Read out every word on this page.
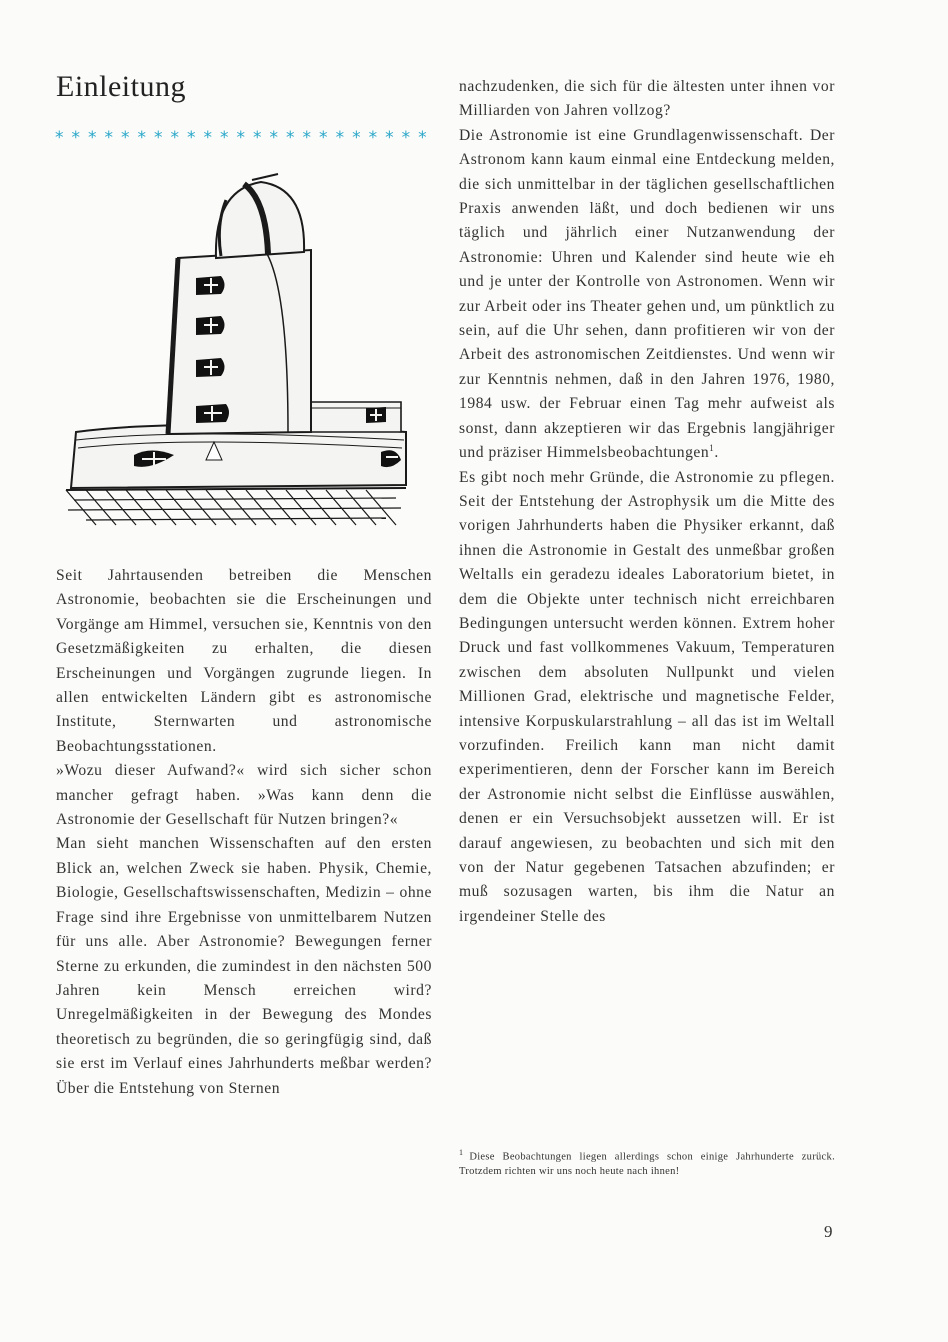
Einleitung
* * * * * * * * * * * * * * * * * * * * * * *

Seit Jahrtausenden betreiben die Menschen Astronomie, beobachten sie die Erscheinungen und Vorgänge am Himmel, versuchen sie, Kenntnis von den Gesetzmäßigkeiten zu erhalten, die diesen Erscheinungen und Vorgängen zugrunde liegen. In allen entwickelten Ländern gibt es astronomische Institute, Sternwarten und astronomische Beobachtungsstationen.

»Wozu dieser Aufwand?« wird sich sicher schon mancher gefragt haben. »Was kann denn die Astronomie der Gesellschaft für Nutzen bringen?«

Man sieht manchen Wissenschaften auf den ersten Blick an, welchen Zweck sie haben. Physik, Chemie, Biologie, Gesellschaftswissenschaften, Medizin – ohne Frage sind ihre Ergebnisse von unmittelbarem Nutzen für uns alle. Aber Astronomie? Bewegungen ferner Sterne zu erkunden, die zumindest in den nächsten 500 Jahren kein Mensch erreichen wird? Unregelmäßigkeiten in der Bewegung des Mondes theoretisch zu begründen, die so geringfügig sind, daß sie erst im Verlauf eines Jahrhunderts meßbar werden? Über die Entstehung von Sternen

nachzudenken, die sich für die ältesten unter ihnen vor Milliarden von Jahren vollzog?

Die Astronomie ist eine Grundlagenwissenschaft. Der Astronom kann kaum einmal eine Entdeckung melden, die sich unmittelbar in der täglichen gesellschaftlichen Praxis anwenden läßt, und doch bedienen wir uns täglich und jährlich einer Nutzanwendung der Astronomie: Uhren und Kalender sind heute wie eh und je unter der Kontrolle von Astronomen. Wenn wir zur Arbeit oder ins Theater gehen und, um pünktlich zu sein, auf die Uhr sehen, dann profitieren wir von der Arbeit des astronomischen Zeitdienstes. Und wenn wir zur Kenntnis nehmen, daß in den Jahren 1976, 1980, 1984 usw. der Februar einen Tag mehr aufweist als sonst, dann akzeptieren wir das Ergebnis langjähriger und präziser Himmelsbeobachtungen$^1$.

Es gibt noch mehr Gründe, die Astronomie zu pflegen. Seit der Entstehung der Astrophysik um die Mitte des vorigen Jahrhunderts haben die Physiker erkannt, daß ihnen die Astronomie in Gestalt des unmeßbar großen Weltalls ein geradezu ideales Laboratorium bietet, in dem die Objekte unter technisch nicht erreichbaren Bedingungen untersucht werden können. Extrem hoher Druck und fast vollkommenes Vakuum, Temperaturen zwischen dem absoluten Nullpunkt und vielen Millionen Grad, elektrische und magnetische Felder, intensive Korpuskularstrahlung – all das ist im Weltall vorzufinden. Freilich kann man nicht damit experimentieren, denn der Forscher kann im Bereich der Astronomie nicht selbst die Einflüsse auswählen, denen er ein Versuchsobjekt aussetzen will. Er ist darauf angewiesen, zu beobachten und sich mit den von der Natur gegebenen Tatsachen abzufinden; er muß sozusagen warten, bis ihm die Natur an irgendeiner Stelle des

$^1$ Diese Beobachtungen liegen allerdings schon einige Jahrhunderte zurück. Trotzdem richten wir uns noch heute nach ihnen!
9
